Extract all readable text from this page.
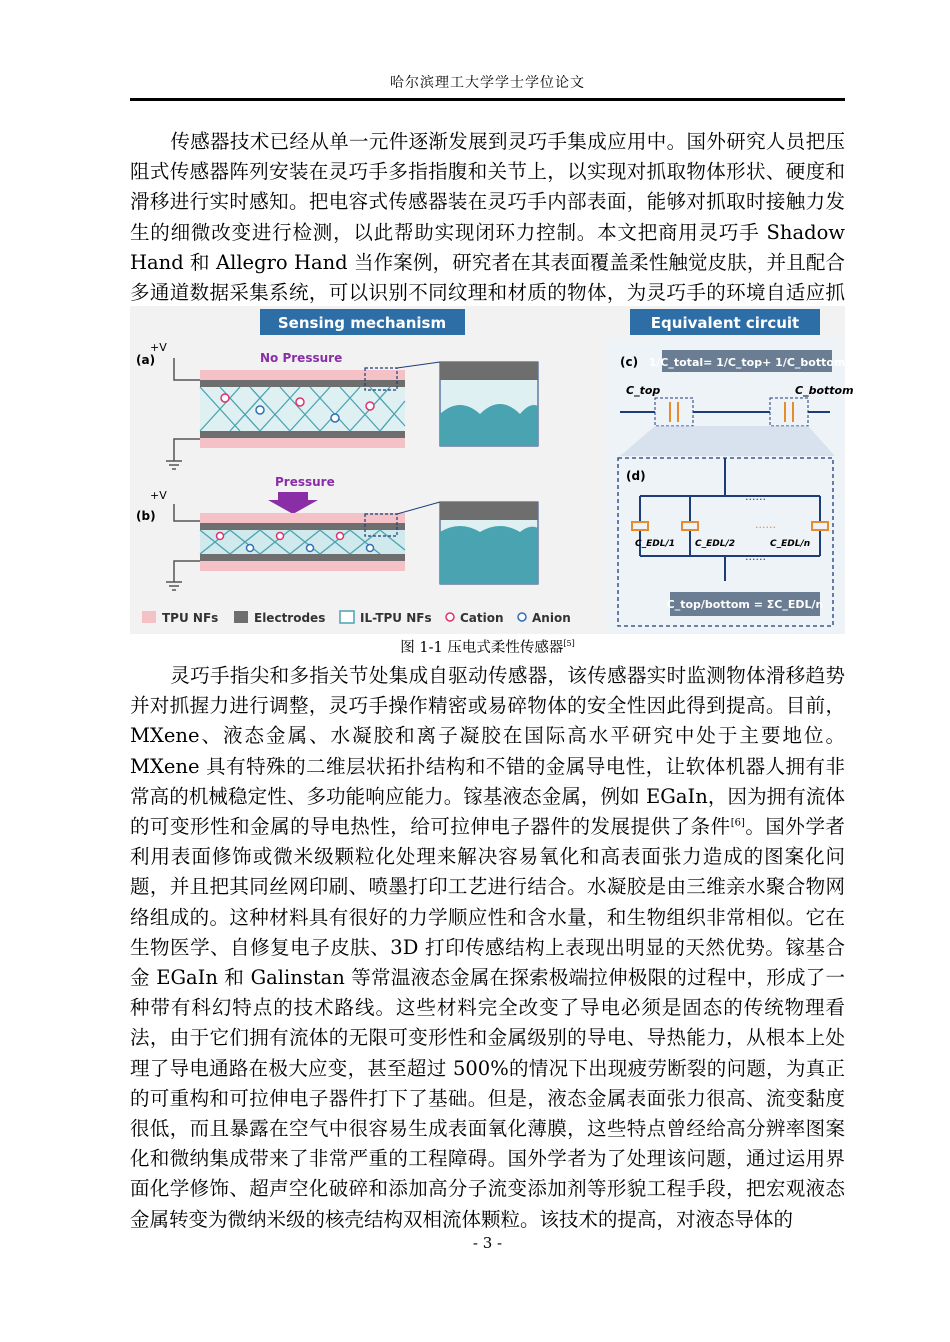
哈尔滨理工大学学士学位论文

传感器技术已经从单一元件逐渐发展到灵巧手集成应用中。国外研究人员把压阻式传感器阵列安装在灵巧手多指指腹和关节上，以实现对抓取物体形状、硬度和滑移进行实时感知。把电容式传感器装在灵巧手内部表面，能够对抓取时接触力发生的细微改变进行检测，以此帮助实现闭环力控制。本文把商用灵巧手 Shadow Hand 和 Allegro Hand 当作案例，研究者在其表面覆盖柔性触觉皮肤，并且配合多通道数据采集系统，可以识别不同纹理和材质的物体，为灵巧手的环境自适应抓

Sensing mechanism	Equivalent circuit
(a)
+V
No Pressure
(b)
+V
Pressure
TPU NFs	Electrodes	IL-TPU NFs Cation Anion
(c) 1/C_total= 1/C_top+ 1/C_bottom
C_top	C_bottom
(d)
C_EDL/1 C_EDL/2	C_EDL/n
......
......
......
C_top/bottom = ΣC_EDL/n
图 1-1 压电式柔性传感器[5]

灵巧手指尖和多指关节处集成自驱动传感器，该传感器实时监测物体滑移趋势并对抓握力进行调整，灵巧手操作精密或易碎物体的安全性因此得到提高。目前，MXene、液态金属、水凝胶和离子凝胶在国际高水平研究中处于主要地位。MXene 具有特殊的二维层状拓扑结构和不错的金属导电性，让软体机器人拥有非常高的机械稳定性、多功能响应能力。镓基液态金属，例如 EGaIn，因为拥有流体的可变形性和金属的导电热性，给可拉伸电子器件的发展提供了条件[6]。国外学者利用表面修饰或微米级颗粒化处理来解决容易氧化和高表面张力造成的图案化问题，并且把其同丝网印刷、喷墨打印工艺进行结合。水凝胶是由三维亲水聚合物网络组成的。这种材料具有很好的力学顺应性和含水量，和生物组织非常相似。它在生物医学、自修复电子皮肤、3D 打印传感结构上表现出明显的天然优势。镓基合金 EGaIn 和 Galinstan 等常温液态金属在探索极端拉伸极限的过程中，形成了一种带有科幻特点的技术路线。这些材料完全改变了导电必须是固态的传统物理看法，由于它们拥有流体的无限可变形性和金属级别的导电、导热能力，从根本上处理了导电通路在极大应变，甚至超过 500%的情况下出现疲劳断裂的问题，为真正的可重构和可拉伸电子器件打下了基础。但是，液态金属表面张力很高、流变黏度很低，而且暴露在空气中很容易生成表面氧化薄膜，这些特点曾经给高分辨率图案化和微纳集成带来了非常严重的工程障碍。国外学者为了处理该问题，通过运用界面化学修饰、超声空化破碎和添加高分子流变添加剂等形貌工程手段，把宏观液态金属转变为微纳米级的核壳结构双相流体颗粒。该技术的提高，对液态导体的

- 3 -
